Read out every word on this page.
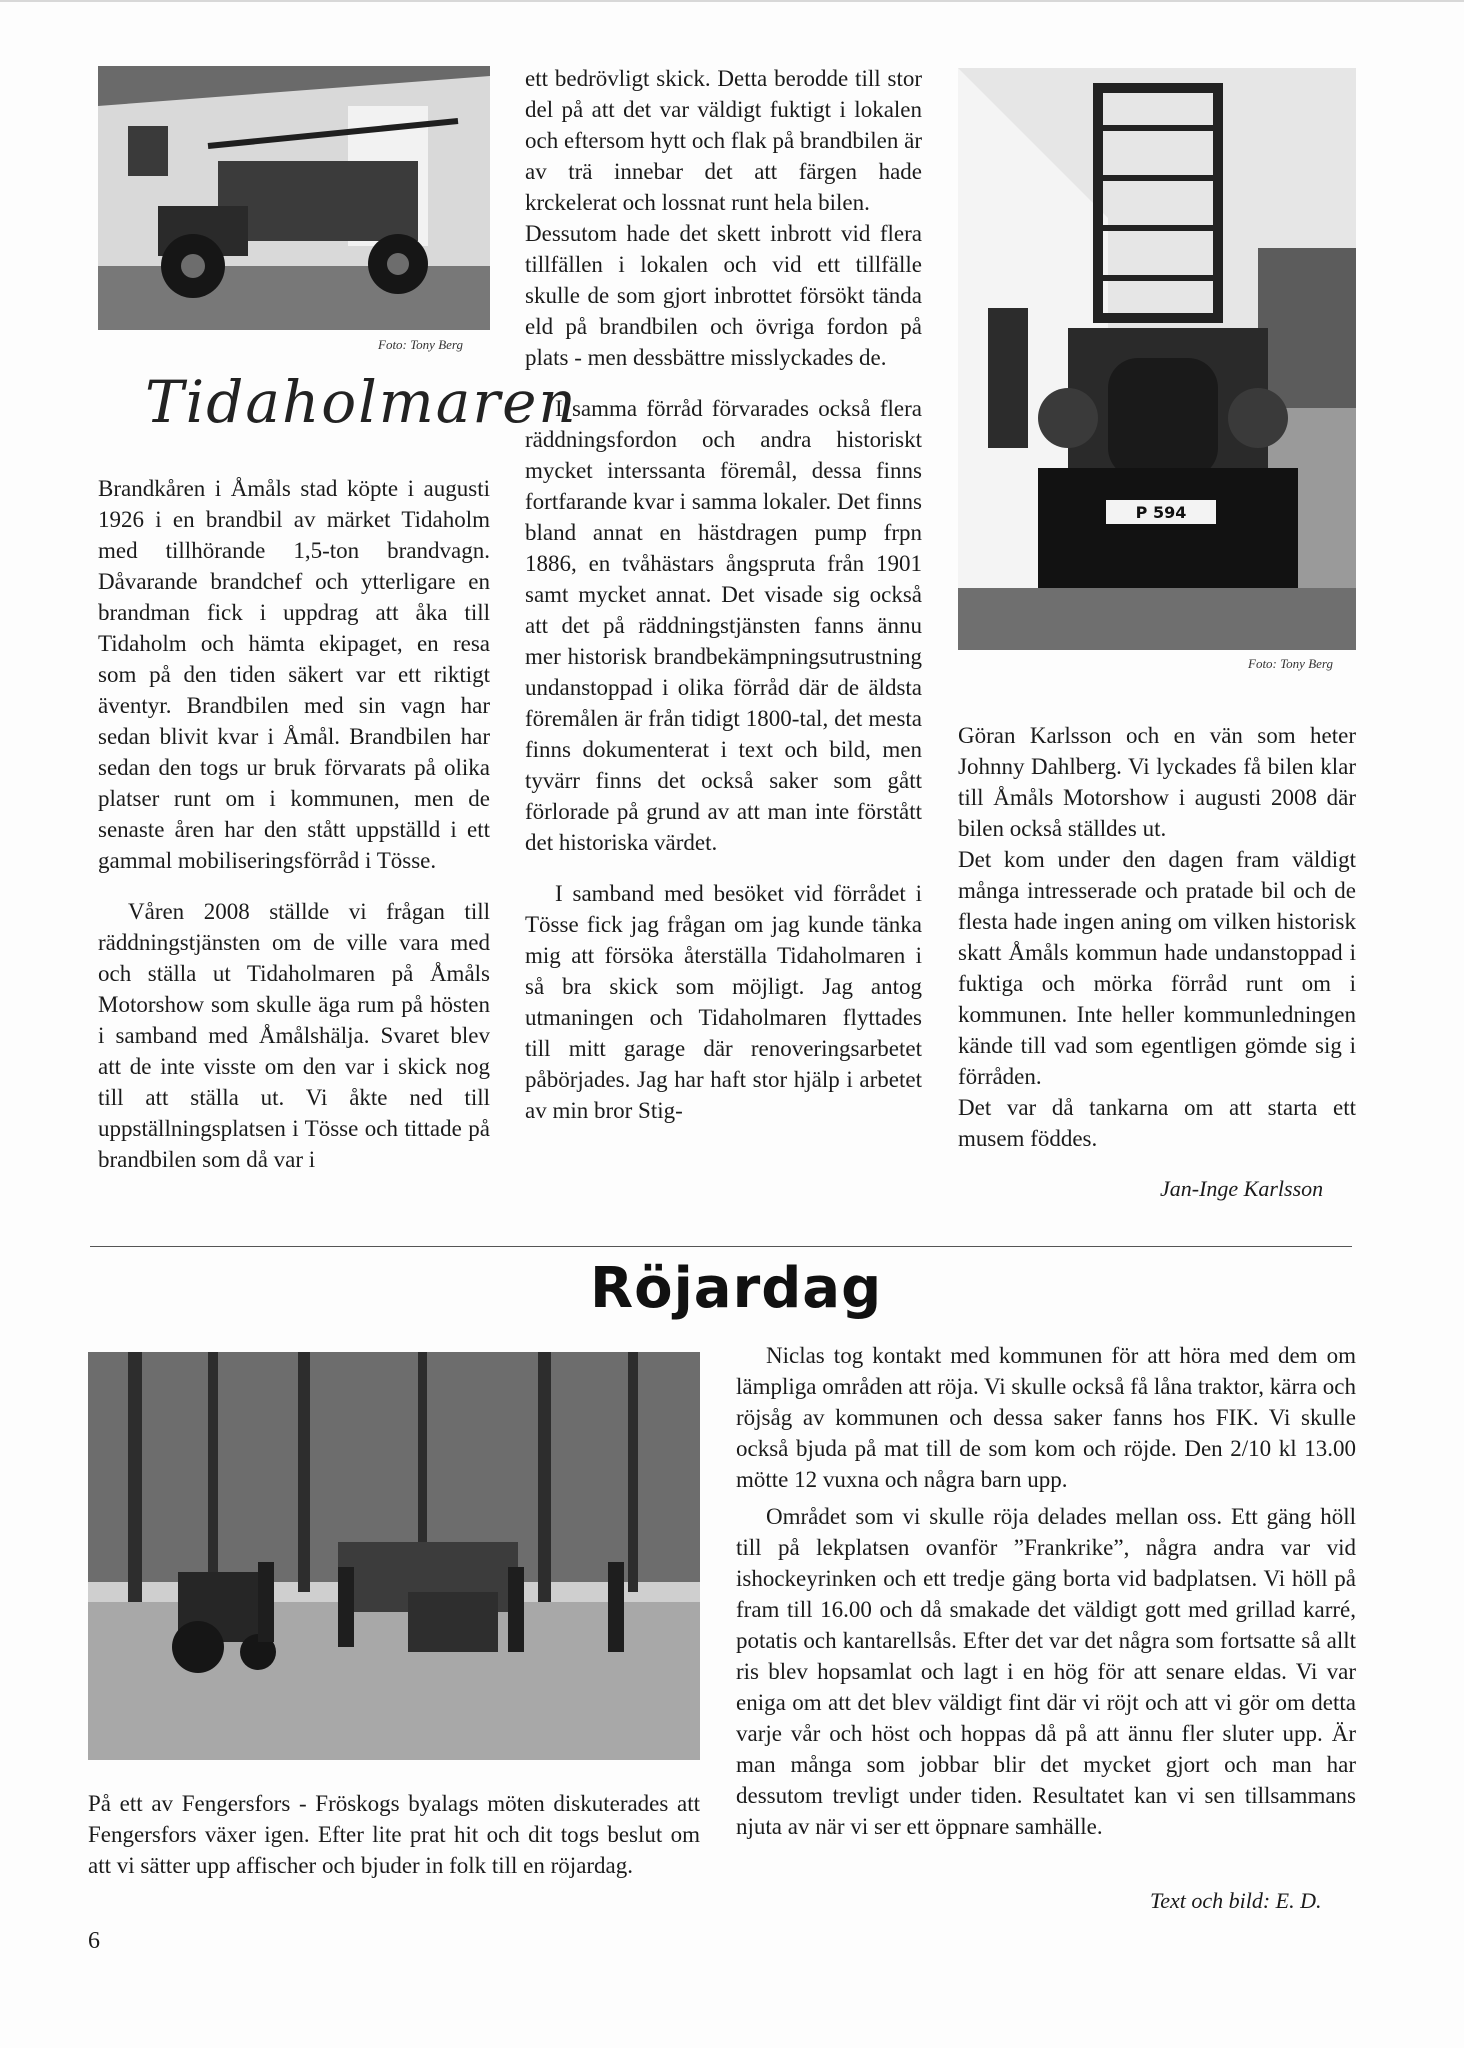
Foto: Tony Berg
Tidaholmaren

Brandkåren i Åmåls stad köpte i augusti 1926 i en brandbil av märket Tidaholm med tillhörande 1,5-ton brandvagn. Dåvarande brandchef och ytterligare en brandman fick i uppdrag att åka till Tidaholm och hämta ekipaget, en resa som på den tiden säkert var ett riktigt äventyr. Brandbilen med sin vagn har sedan blivit kvar i Åmål. Brandbilen har sedan den togs ur bruk förvarats på olika platser runt om i kommunen, men de senaste åren har den stått uppställd i ett gammal mobiliseringsförråd i Tösse.

Våren 2008 ställde vi frågan till räddningstjänsten om de ville vara med och ställa ut Tidaholmaren på Åmåls Motorshow som skulle äga rum på hösten i samband med Åmålshälja. Svaret blev att de inte visste om den var i skick nog till att ställa ut. Vi åkte ned till uppställningsplatsen i Tösse och tittade på brandbilen som då var i

ett bedrövligt skick. Detta berodde till stor del på att det var väldigt fuktigt i lokalen och eftersom hytt och flak på brandbilen är av trä innebar det att färgen hade krckelerat och lossnat runt hela bilen.

Dessutom hade det skett inbrott vid flera tillfällen i lokalen och vid ett tillfälle skulle de som gjort inbrottet försökt tända eld på brandbilen och övriga fordon på plats - men dessbättre misslyckades de.

I samma förråd förvarades också flera räddningsfordon och andra historiskt mycket interssanta föremål, dessa finns fortfarande kvar i samma lokaler. Det finns bland annat en hästdragen pump frpn 1886, en tvåhästars ångspruta från 1901 samt mycket annat. Det visade sig också att det på räddningstjänsten fanns ännu mer historisk brandbekämpningsutrustning undanstoppad i olika förråd där de äldsta föremålen är från tidigt 1800-tal, det mesta finns dokumenterat i text och bild, men tyvärr finns det också saker som gått förlorade på grund av att man inte förstått det historiska värdet.

I samband med besöket vid förrådet i Tösse fick jag frågan om jag kunde tänka mig att försöka återställa Tidaholmaren i så bra skick som möjligt. Jag antog utmaningen och Tidaholmaren flyttades till mitt garage där renoveringsarbetet påbörjades. Jag har haft stor hjälp i arbetet av min bror Stig-

P 594
Foto: Tony Berg

Göran Karlsson och en vän som heter Johnny Dahlberg. Vi lyckades få bilen klar till Åmåls Motorshow i augusti 2008 där bilen också ställdes ut.

Det kom under den dagen fram väldigt många intresserade och pratade bil och de flesta hade ingen aning om vilken historisk skatt Åmåls kommun hade undanstoppad i fuktiga och mörka förråd runt om i kommunen. Inte heller kommunledningen kände till vad som egentligen gömde sig i förråden.

Det var då tankarna om att starta ett musem föddes.

Jan-Inge Karlsson
Röjardag

På ett av Fengersfors - Fröskogs byalags möten diskuterades att Fengersfors växer igen. Efter lite prat hit och dit togs beslut om att vi sätter upp affischer och bjuder in folk till en röjardag.

Niclas tog kontakt med kommunen för att höra med dem om lämpliga områden att röja. Vi skulle också få låna traktor, kärra och röjsåg av kommunen och dessa saker fanns hos FIK. Vi skulle också bjuda på mat till de som kom och röjde. Den 2/10 kl 13.00 mötte 12 vuxna och några barn upp.

Området som vi skulle röja delades mellan oss. Ett gäng höll till på lekplatsen ovanför ”Frankrike”, några andra var vid ishockeyrinken och ett tredje gäng borta vid badplatsen. Vi höll på fram till 16.00 och då smakade det väldigt gott med grillad karré, potatis och kantarellsås. Efter det var det några som fortsatte så allt ris blev hopsamlat och lagt i en hög för att senare eldas. Vi var eniga om att det blev väldigt fint där vi röjt och att vi gör om detta varje vår och höst och hoppas då på att ännu fler sluter upp. Är man många som jobbar blir det mycket gjort och man har dessutom trevligt under tiden. Resultatet kan vi sen tillsammans njuta av när vi ser ett öppnare samhälle.

Text och bild: E. D.
6
